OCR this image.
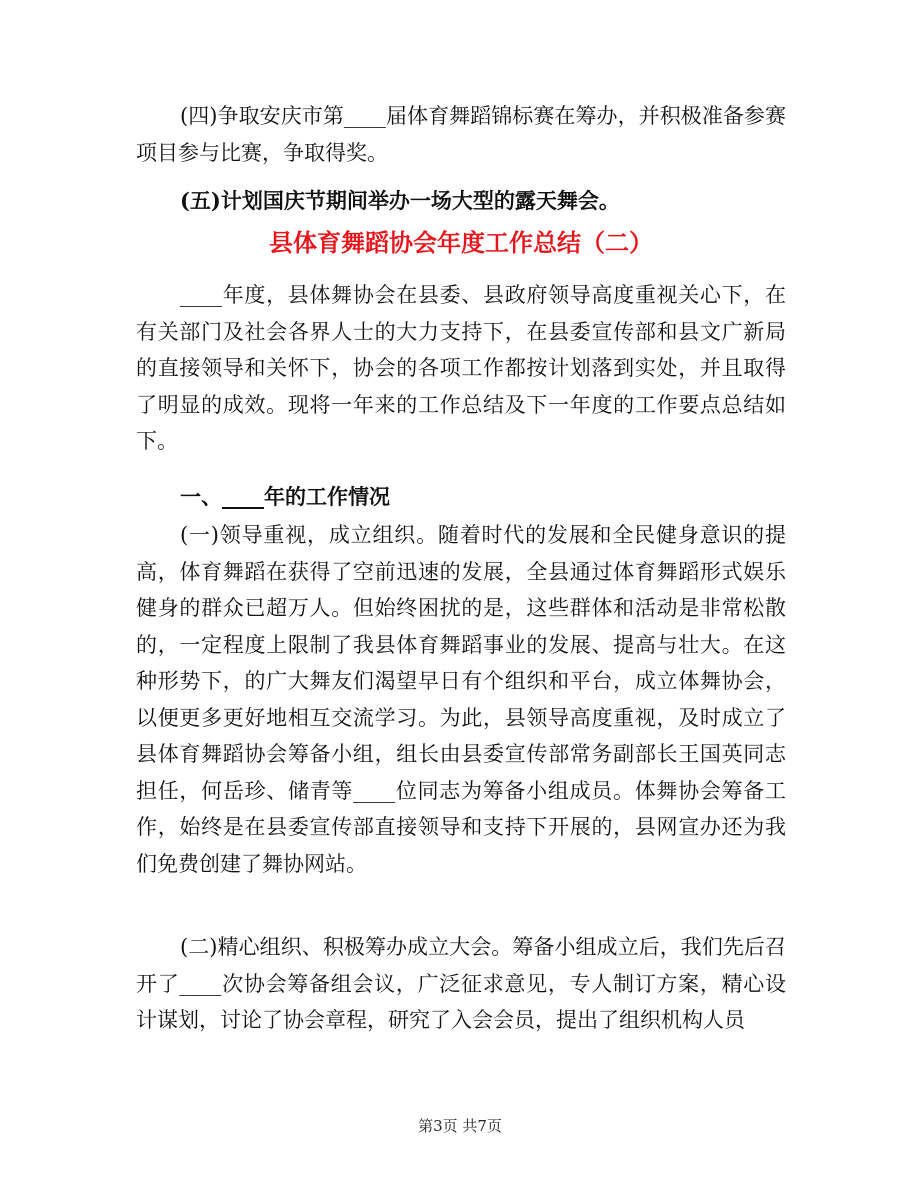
(四)争取安庆市第____届体育舞蹈锦标赛在筹办，并积极准备参赛项目参与比赛，争取得奖。

(五)计划国庆节期间举办一场大型的露天舞会。

县体育舞蹈协会年度工作总结（二）

____年度，县体舞协会在县委、县政府领导高度重视关心下，在有关部门及社会各界人士的大力支持下，在县委宣传部和县文广新局的直接领导和关怀下，协会的各项工作都按计划落到实处，并且取得了明显的成效。现将一年来的工作总结及下一年度的工作要点总结如下。

一、____年的工作情况

(一)领导重视，成立组织。随着时代的发展和全民健身意识的提高，体育舞蹈在获得了空前迅速的发展，全县通过体育舞蹈形式娱乐健身的群众已超万人。但始终困扰的是，这些群体和活动是非常松散的，一定程度上限制了我县体育舞蹈事业的发展、提高与壮大。在这种形势下，的广大舞友们渴望早日有个组织和平台，成立体舞协会，以便更多更好地相互交流学习。为此，县领导高度重视，及时成立了县体育舞蹈协会筹备小组，组长由县委宣传部常务副部长王国英同志担任，何岳珍、储青等____位同志为筹备小组成员。体舞协会筹备工作，始终是在县委宣传部直接领导和支持下开展的，县网宣办还为我们免费创建了舞协网站。

(二)精心组织、积极筹办成立大会。筹备小组成立后，我们先后召开了____次协会筹备组会议，广泛征求意见，专人制订方案，精心设计谋划，讨论了协会章程，研究了入会会员，提出了组织机构人员

第3页 共7页
